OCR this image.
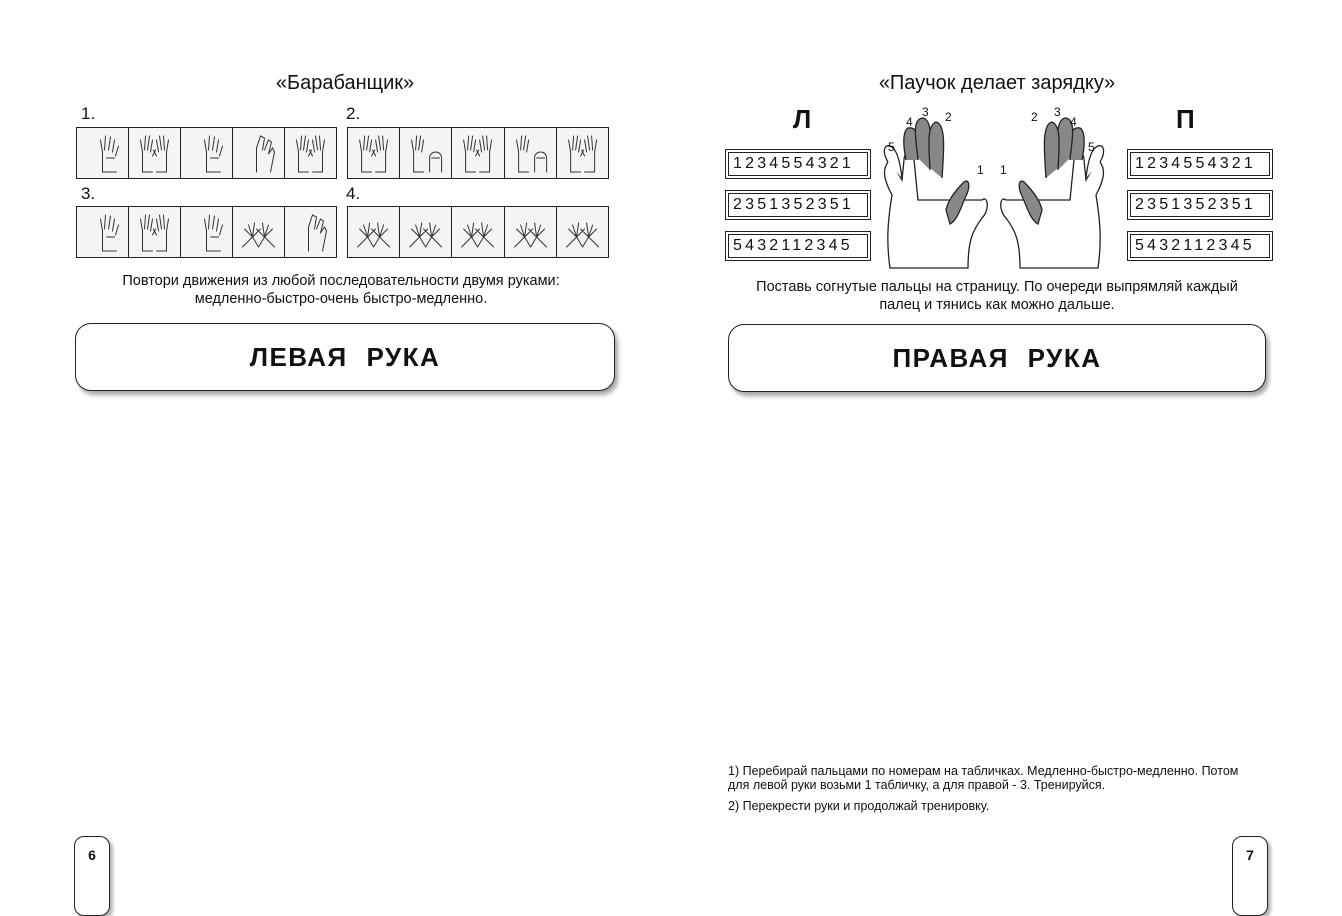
«Барабанщик»
1.	2.
3.	4.
Повтори движения из любой последовательности двумя руками:
медленно-быстро-очень быстро-медленно.
ЛЕВАЯ РУКА
6
«Паучок делает зарядку»
Л	П
1234554321
2351352351
5432112345
1234554321
2351352351
5432112345
4
3 2
5
1
2 3
4
5
1
Поставь согнутые пальцы на страницу. По очереди выпрямляй каждый
палец и тянись как можно дальше.
ПРАВАЯ РУКА

1) Перебирай пальцами по номерам на табличках. Медленно-быстро-медленно. Потом
для левой руки возьми 1 табличку, а для правой - 3. Тренируйся.

2) Перекрести руки и продолжай тренировку.

7
